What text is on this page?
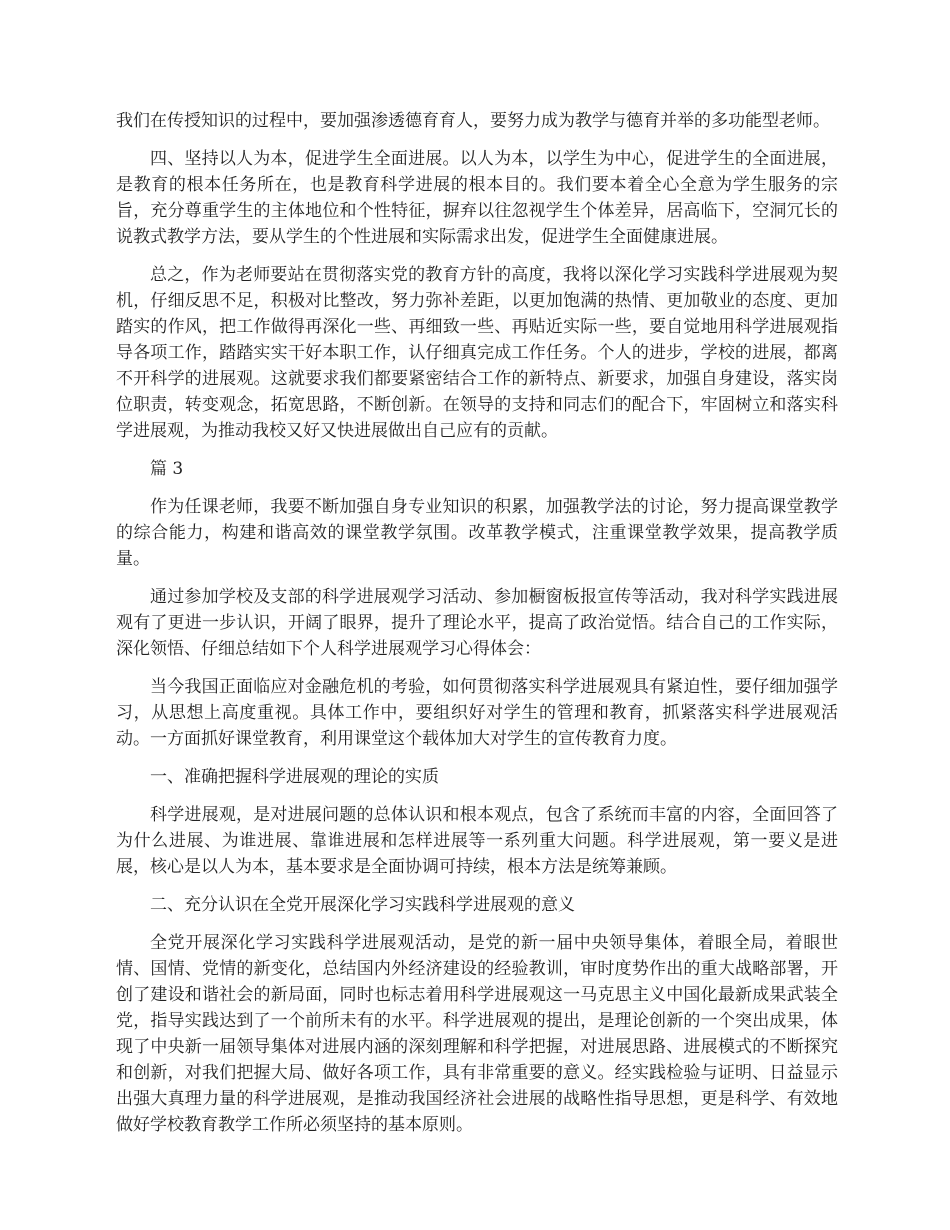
我们在传授知识的过程中，要加强渗透德育育人，要努力成为教学与德育并举的多功能型老师。

四、坚持以人为本，促进学生全面进展。以人为本，以学生为中心，促进学生的全面进展，是教育的根本任务所在，也是教育科学进展的根本目的。我们要本着全心全意为学生服务的宗旨，充分尊重学生的主体地位和个性特征，摒弃以往忽视学生个体差异，居高临下，空洞冗长的说教式教学方法，要从学生的个性进展和实际需求出发，促进学生全面健康进展。

总之，作为老师要站在贯彻落实党的教育方针的高度，我将以深化学习实践科学进展观为契机，仔细反思不足，积极对比整改，努力弥补差距，以更加饱满的热情、更加敬业的态度、更加踏实的作风，把工作做得再深化一些、再细致一些、再贴近实际一些，要自觉地用科学进展观指导各项工作，踏踏实实干好本职工作，认仔细真完成工作任务。个人的进步，学校的进展，都离不开科学的进展观。这就要求我们都要紧密结合工作的新特点、新要求，加强自身建设，落实岗位职责，转变观念，拓宽思路，不断创新。在领导的支持和同志们的配合下，牢固树立和落实科学进展观，为推动我校又好又快进展做出自己应有的贡献。

篇 3

作为任课老师，我要不断加强自身专业知识的积累，加强教学法的讨论，努力提高课堂教学的综合能力，构建和谐高效的课堂教学氛围。改革教学模式，注重课堂教学效果，提高教学质量。

通过参加学校及支部的科学进展观学习活动、参加橱窗板报宣传等活动，我对科学实践进展观有了更进一步认识，开阔了眼界，提升了理论水平，提高了政治觉悟。结合自己的工作实际，深化领悟、仔细总结如下个人科学进展观学习心得体会：

当今我国正面临应对金融危机的考验，如何贯彻落实科学进展观具有紧迫性，要仔细加强学习，从思想上高度重视。具体工作中，要组织好对学生的管理和教育，抓紧落实科学进展观活动。一方面抓好课堂教育，利用课堂这个载体加大对学生的宣传教育力度。

一、准确把握科学进展观的理论的实质

科学进展观，是对进展问题的总体认识和根本观点，包含了系统而丰富的内容，全面回答了为什么进展、为谁进展、靠谁进展和怎样进展等一系列重大问题。科学进展观，第一要义是进展，核心是以人为本，基本要求是全面协调可持续，根本方法是统筹兼顾。

二、充分认识在全党开展深化学习实践科学进展观的意义

全党开展深化学习实践科学进展观活动，是党的新一届中央领导集体，着眼全局，着眼世情、国情、党情的新变化，总结国内外经济建设的经验教训，审时度势作出的重大战略部署，开创了建设和谐社会的新局面，同时也标志着用科学进展观这一马克思主义中国化最新成果武装全党，指导实践达到了一个前所未有的水平。科学进展观的提出，是理论创新的一个突出成果，体现了中央新一届领导集体对进展内涵的深刻理解和科学把握，对进展思路、进展模式的不断探究和创新，对我们把握大局、做好各项工作，具有非常重要的意义。经实践检验与证明、日益显示出强大真理力量的科学进展观，是推动我国经济社会进展的战略性指导思想，更是科学、有效地做好学校教育教学工作所必须坚持的基本原则。
